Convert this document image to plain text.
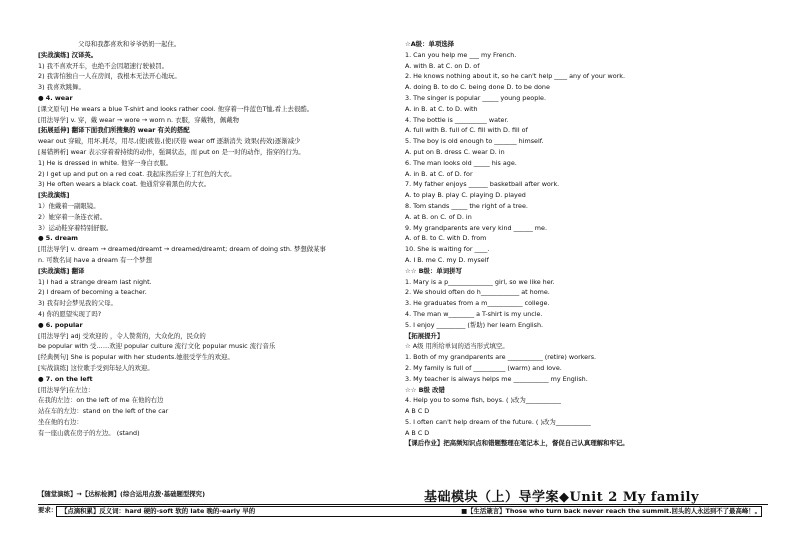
父母和我都喜欢和爷爷奶奶一起住。
[实战演练] 汉译英。
1) 我不喜欢开车，也绝不会因超速行驶被罚。
2) 我害怕独自一人在房间，我根本无法开心地玩。
3) 我喜欢跳舞。
● 4. wear
[课文原句] He wears a blue T-shirt and looks rather cool. 他穿着一件蓝色T恤,看上去很酷。
[用法导学] v. 穿，戴 wear → wore → worn n. 衣服，穿戴物，佩戴物
[拓展延伸] 翻译下面我们所搜集的 wear 有关的搭配
wear out 穿破，用坏,耗尽，用尽,(使)疲倦,(使)厌倦 wear off 逐渐消失 效果(药效)逐渐减少
[易错辨析] wear 表示穿着着持续的动作，强调状态，而 put on 是一时的动作，指穿的行为。
1) He is dressed in white. 他穿一身白衣服。
2) I get up and put on a red coat. 我起床然后穿上了红色的大衣。
3) He often wears a black coat. 他通常穿着黑色的大衣。
[实战演练]
1）他戴着一副眼镜。
2）她穿着一条连衣裙。
3）运动鞋穿着特别舒服。
● 5. dream
[用法导学] v. dream → dreamed/dreamt → dreamed/dreamt; dream of doing sth. 梦想做某事
n. 可数名词 have a dream 有一个梦想
[实战演练] 翻译
1) I had a strange dream last night.
2) I dream of becoming a teacher.
3) 我有时会梦见我的父母。
4) 你的愿望实现了吗?
● 6. popular
[用法导学] adj 受欢迎的 ，令人赞赏的，大众化的，民众的
be popular with 受……欢迎 popular culture 流行文化 popular music 流行音乐
[经典例句] She is popular with her students.她很受学生的欢迎。
[实战演练] 这位歌手受到年轻人的欢迎。
● 7. on the left
[用法导学]在左边：
在我的左边：on the left of me 在他的右边
站在车的左边：stand on the left of the car
坐在他的右边：
有一座山就在房子的左边。 (stand)
☆A级：单项选择
1. Can you help me ___ my French.
A. with B. at C. on D. of
2. He knows nothing about it, so he can't help ____ any of your work.
A. doing B. to do C. being done D. to be done
3. The singer is popular _____ young people.
A. in B. at C. to D. with
4. The bottle is __________ water.
A. full with B. full of C. fill with D. fill of
5. The boy is old enough to _______ himself.
A. put on B. dress C. wear D. in
6. The man looks old _____ his age.
A. in B. at C. of D. for
7. My father enjoys ______ basketball after work.
A. to play B. play C. playing D. played
8. Tom stands _____ the right of a tree.
A. at B. on C. of D. in
9. My grandparents are very kind ______ me.
A. of B. to C. with D. from
10. She is waiting for ____.
A. I B. me C. my D. myself
☆☆ B级：单词拼写
1. Mary is a p______________ girl, so we like her.
2. We should often do h____________ at home.
3. He graduates from a m___________ college.
4. The man w________ a T-shirt is my uncle.
5. I enjoy _________ (帮助) her learn English.
【拓展提升】
☆ A级 用所给单词的适当形式填空。
1. Both of my grandparents are ___________ (retire) workers.
2. My family is full of __________ (warm) and love.
3. My teacher is always helps me ___________ my English.
☆☆ B级 改错
4. Help you to some fish, boys. ( )改为___________
A B C D
5. I often can't help dream of the future. ( )改为___________
A B C D
【课后作业】把高频知识点和错题整理在笔记本上，督促自己认真理解和牢记。
【随堂演练】→【达标检测】(综合运用点拨·基础题型探究)	基础模块（上）导学案◆Unit 2 My family
要求： 【点滴积累】反义词：hard 硬的-soft 软的 late 晚的-early 早的	■【生活箴言】Those who turn back never reach the summit.回头的人永远到不了最高峰！。
